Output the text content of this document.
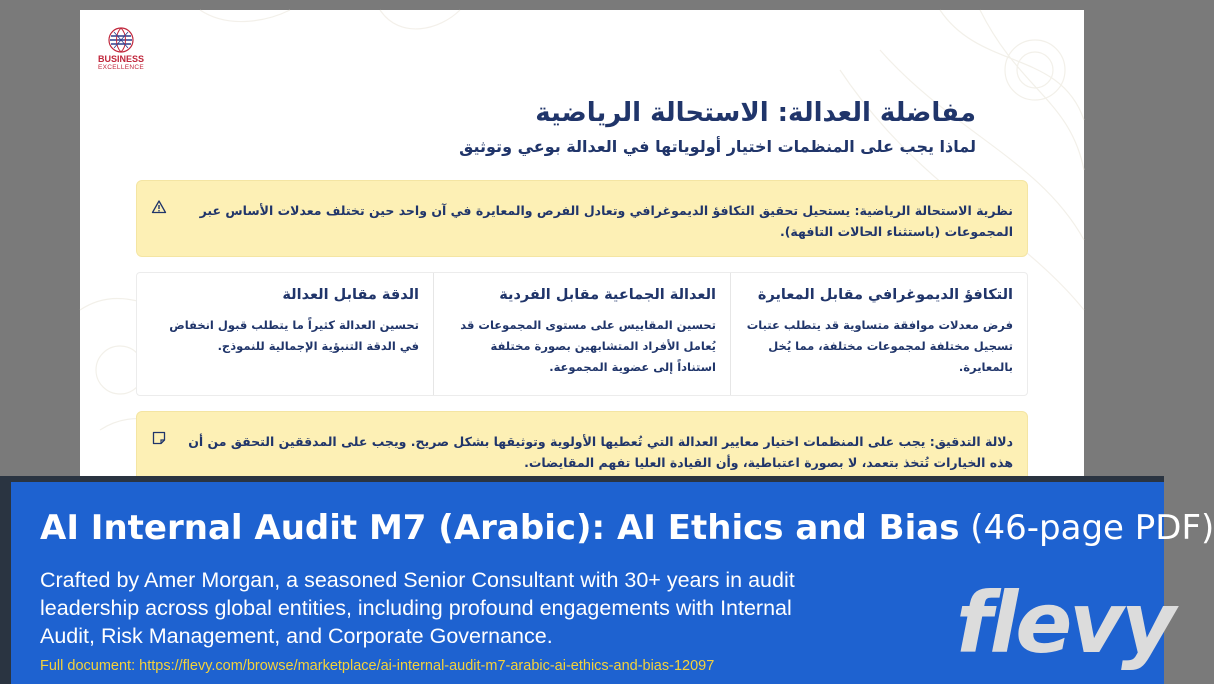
BUSINESS
EXCELLENCE
مفاضلة العدالة: الاستحالة الرياضية
لماذا يجب على المنظمات اختيار أولوياتها في العدالة بوعي وتوثيق
نظرية الاستحالة الرياضية: يستحيل تحقيق التكافؤ الديموغرافي وتعادل الفرص والمعايرة في آن واحد حين تختلف معدلات الأساس عبر المجموعات (باستثناء الحالات التافهة).
التكافؤ الديموغرافي مقابل المعايرة
فرض معدلات موافقة متساوية قد يتطلب عتبات تسجيل مختلفة لمجموعات مختلفة، مما يُخل بالمعايرة.
العدالة الجماعية مقابل الفردية
تحسين المقاييس على مستوى المجموعات قد يُعامل الأفراد المتشابهين بصورة مختلفة استناداً إلى عضوية المجموعة.
الدقة مقابل العدالة
تحسين العدالة كثيراً ما يتطلب قبول انخفاض في الدقة التنبؤية الإجمالية للنموذج.
دلالة التدقيق: يجب على المنظمات اختيار معايير العدالة التي تُعطيها الأولوية وتوثيقها بشكل صريح. ويجب على المدققين التحقق من أن هذه الخيارات تُتخذ بتعمد، لا بصورة اعتباطية، وأن القيادة العليا تفهم المقايضات.
AI Internal Audit M7 (Arabic): AI Ethics and Bias (46-page PDF)
Crafted by Amer Morgan, a seasoned Senior Consultant with 30+ years in audit leadership across global entities, including profound engagements with Internal Audit, Risk Management, and Corporate Governance.
Full document: https://flevy.com/browse/marketplace/ai-internal-audit-m7-arabic-ai-ethics-and-bias-12097	flevy
